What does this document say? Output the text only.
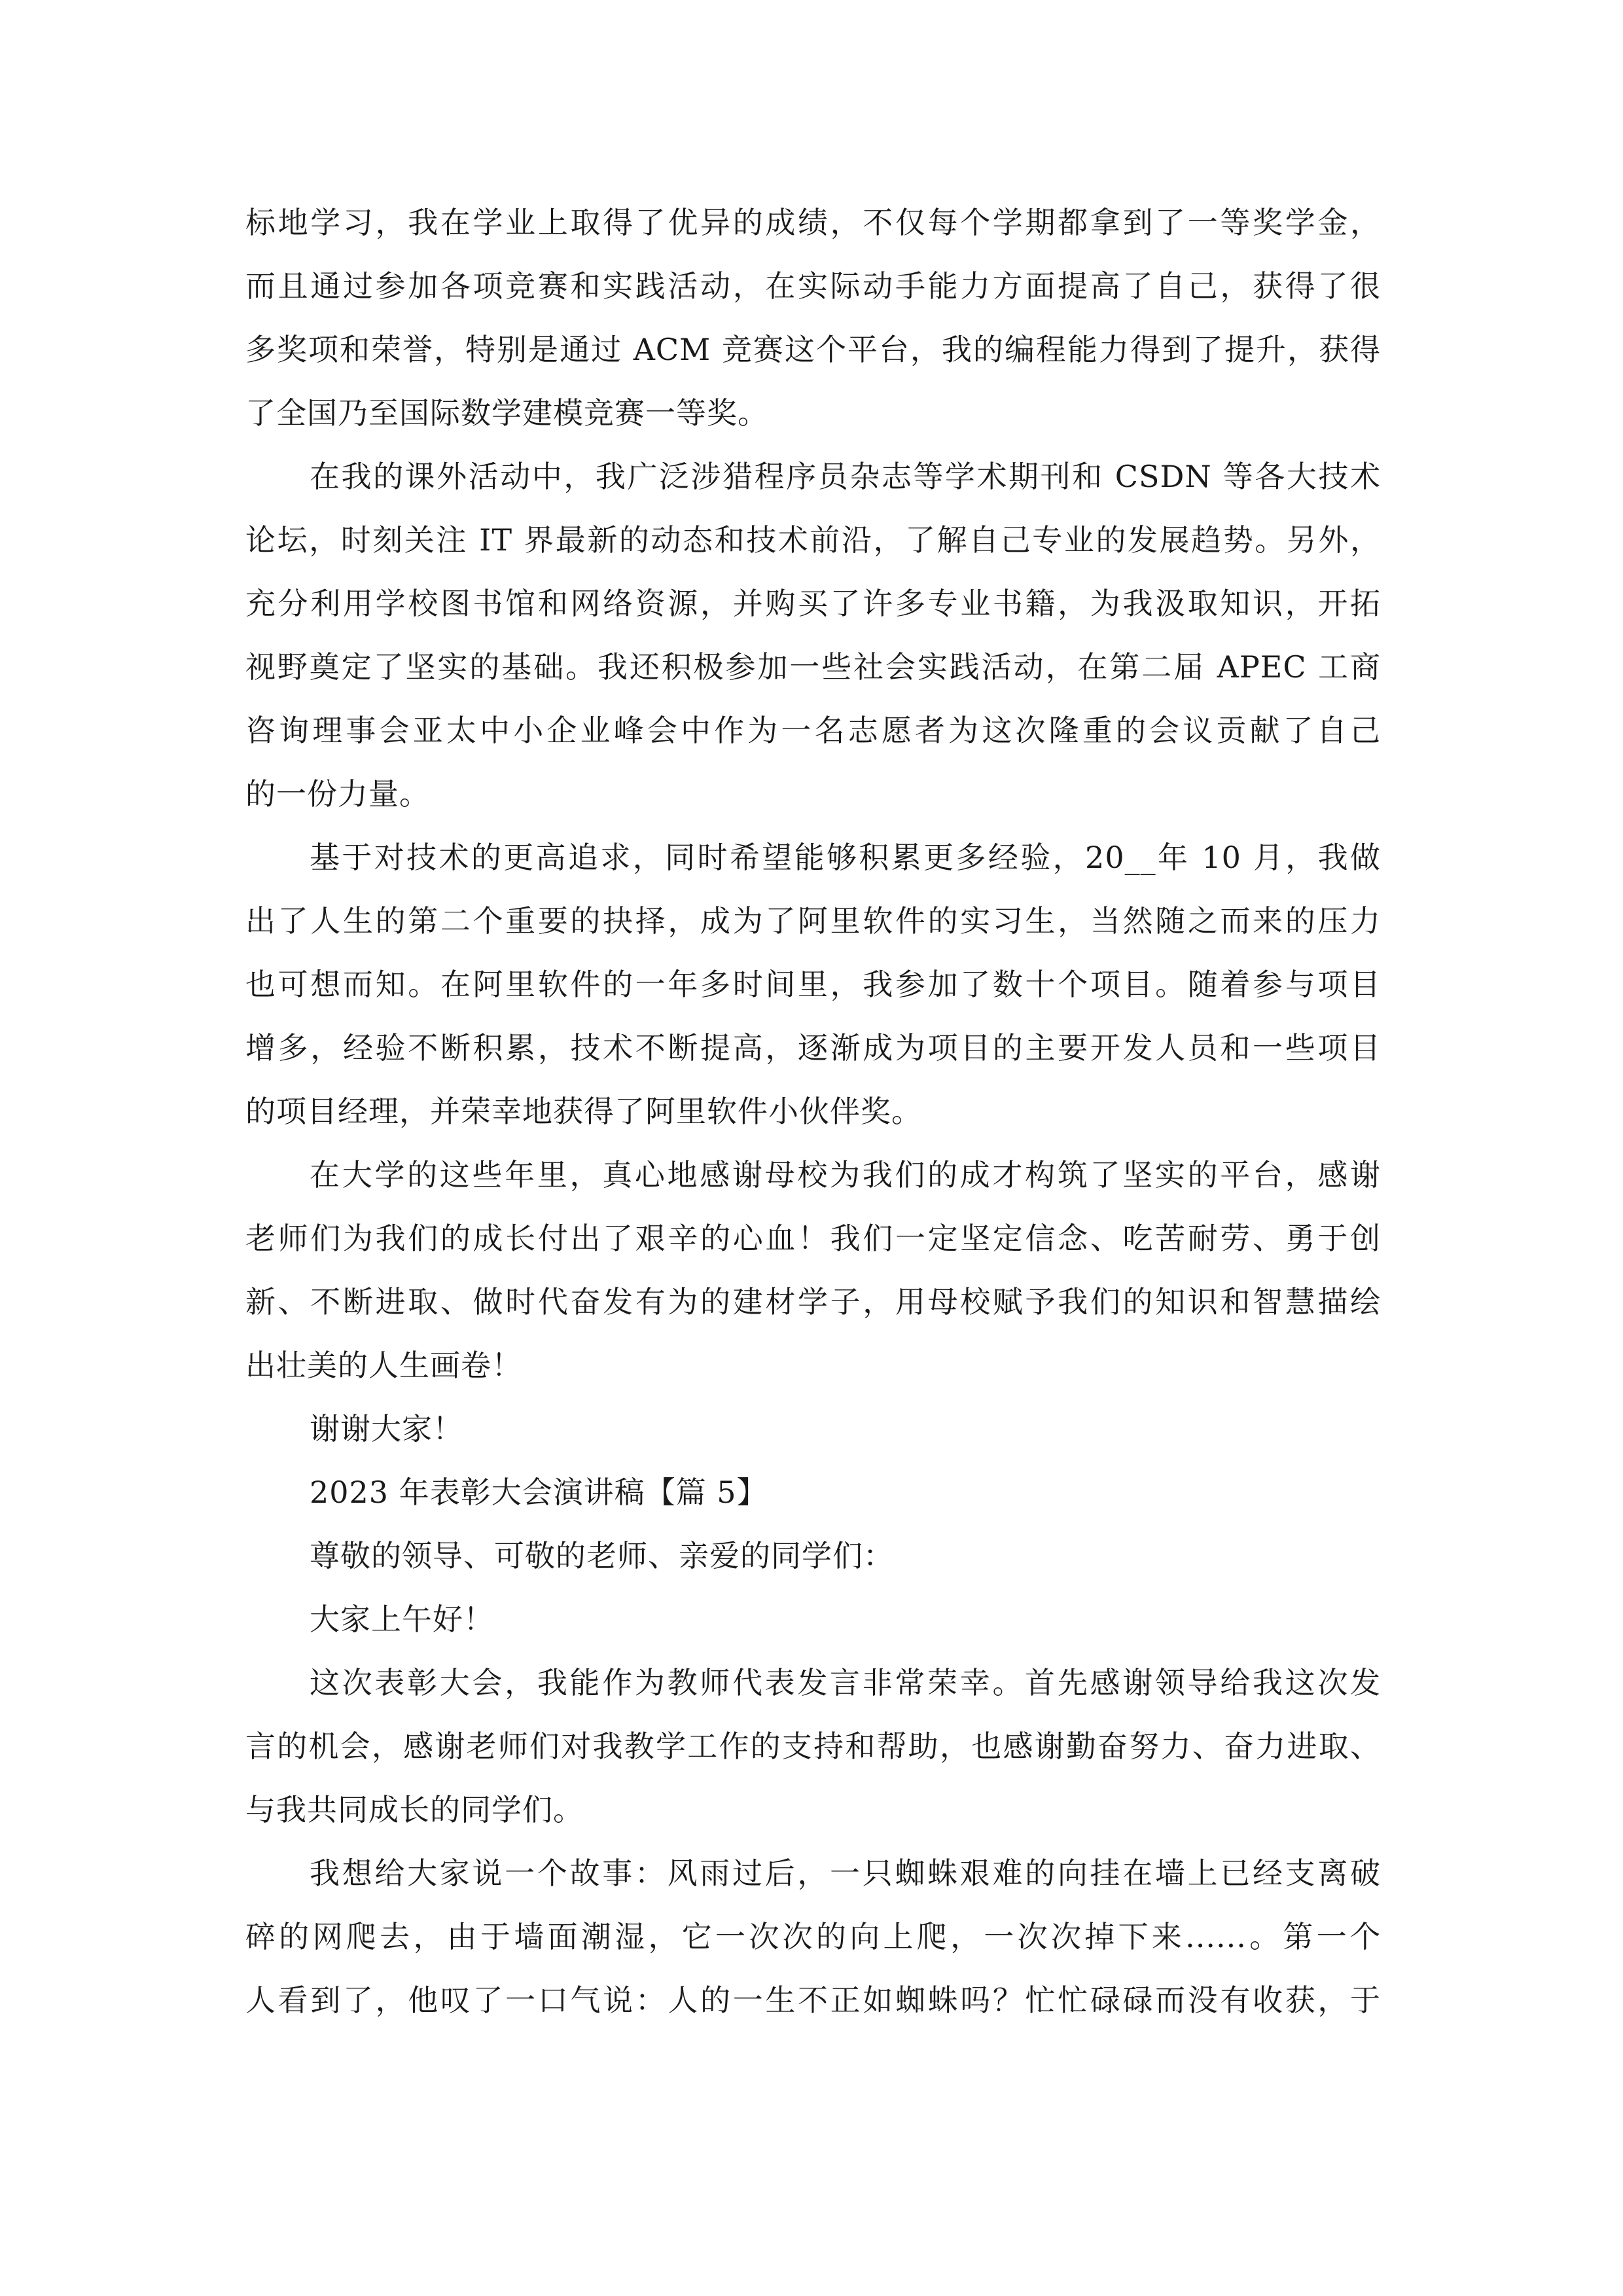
标地学习，我在学业上取得了优异的成绩，不仅每个学期都拿到了一等奖学金，
而且通过参加各项竞赛和实践活动，在实际动手能力方面提高了自己，获得了很
多奖项和荣誉，特别是通过 ACM 竞赛这个平台，我的编程能力得到了提升，获得
了全国乃至国际数学建模竞赛一等奖。

在我的课外活动中，我广泛涉猎程序员杂志等学术期刊和 CSDN 等各大技术
论坛，时刻关注 IT 界最新的动态和技术前沿，了解自己专业的发展趋势。另外，
充分利用学校图书馆和网络资源，并购买了许多专业书籍，为我汲取知识，开拓
视野奠定了坚实的基础。我还积极参加一些社会实践活动，在第二届 APEC 工商
咨询理事会亚太中小企业峰会中作为一名志愿者为这次隆重的会议贡献了自己
的一份力量。

基于对技术的更高追求，同时希望能够积累更多经验，20__年 10 月，我做
出了人生的第二个重要的抉择，成为了阿里软件的实习生，当然随之而来的压力
也可想而知。在阿里软件的一年多时间里，我参加了数十个项目。随着参与项目
增多，经验不断积累，技术不断提高，逐渐成为项目的主要开发人员和一些项目
的项目经理，并荣幸地获得了阿里软件小伙伴奖。

在大学的这些年里，真心地感谢母校为我们的成才构筑了坚实的平台，感谢
老师们为我们的成长付出了艰辛的心血！我们一定坚定信念、吃苦耐劳、勇于创
新、不断进取、做时代奋发有为的建材学子，用母校赋予我们的知识和智慧描绘
出壮美的人生画卷！

谢谢大家！

2023 年表彰大会演讲稿【篇 5】

尊敬的领导、可敬的老师、亲爱的同学们：

大家上午好！

这次表彰大会，我能作为教师代表发言非常荣幸。首先感谢领导给我这次发
言的机会，感谢老师们对我教学工作的支持和帮助，也感谢勤奋努力、奋力进取、
与我共同成长的同学们。

我想给大家说一个故事：风雨过后，一只蜘蛛艰难的向挂在墙上已经支离破
碎的网爬去，由于墙面潮湿，它一次次的向上爬，一次次掉下来......。第一个
人看到了，他叹了一口气说：人的一生不正如蜘蛛吗？忙忙碌碌而没有收获，于
